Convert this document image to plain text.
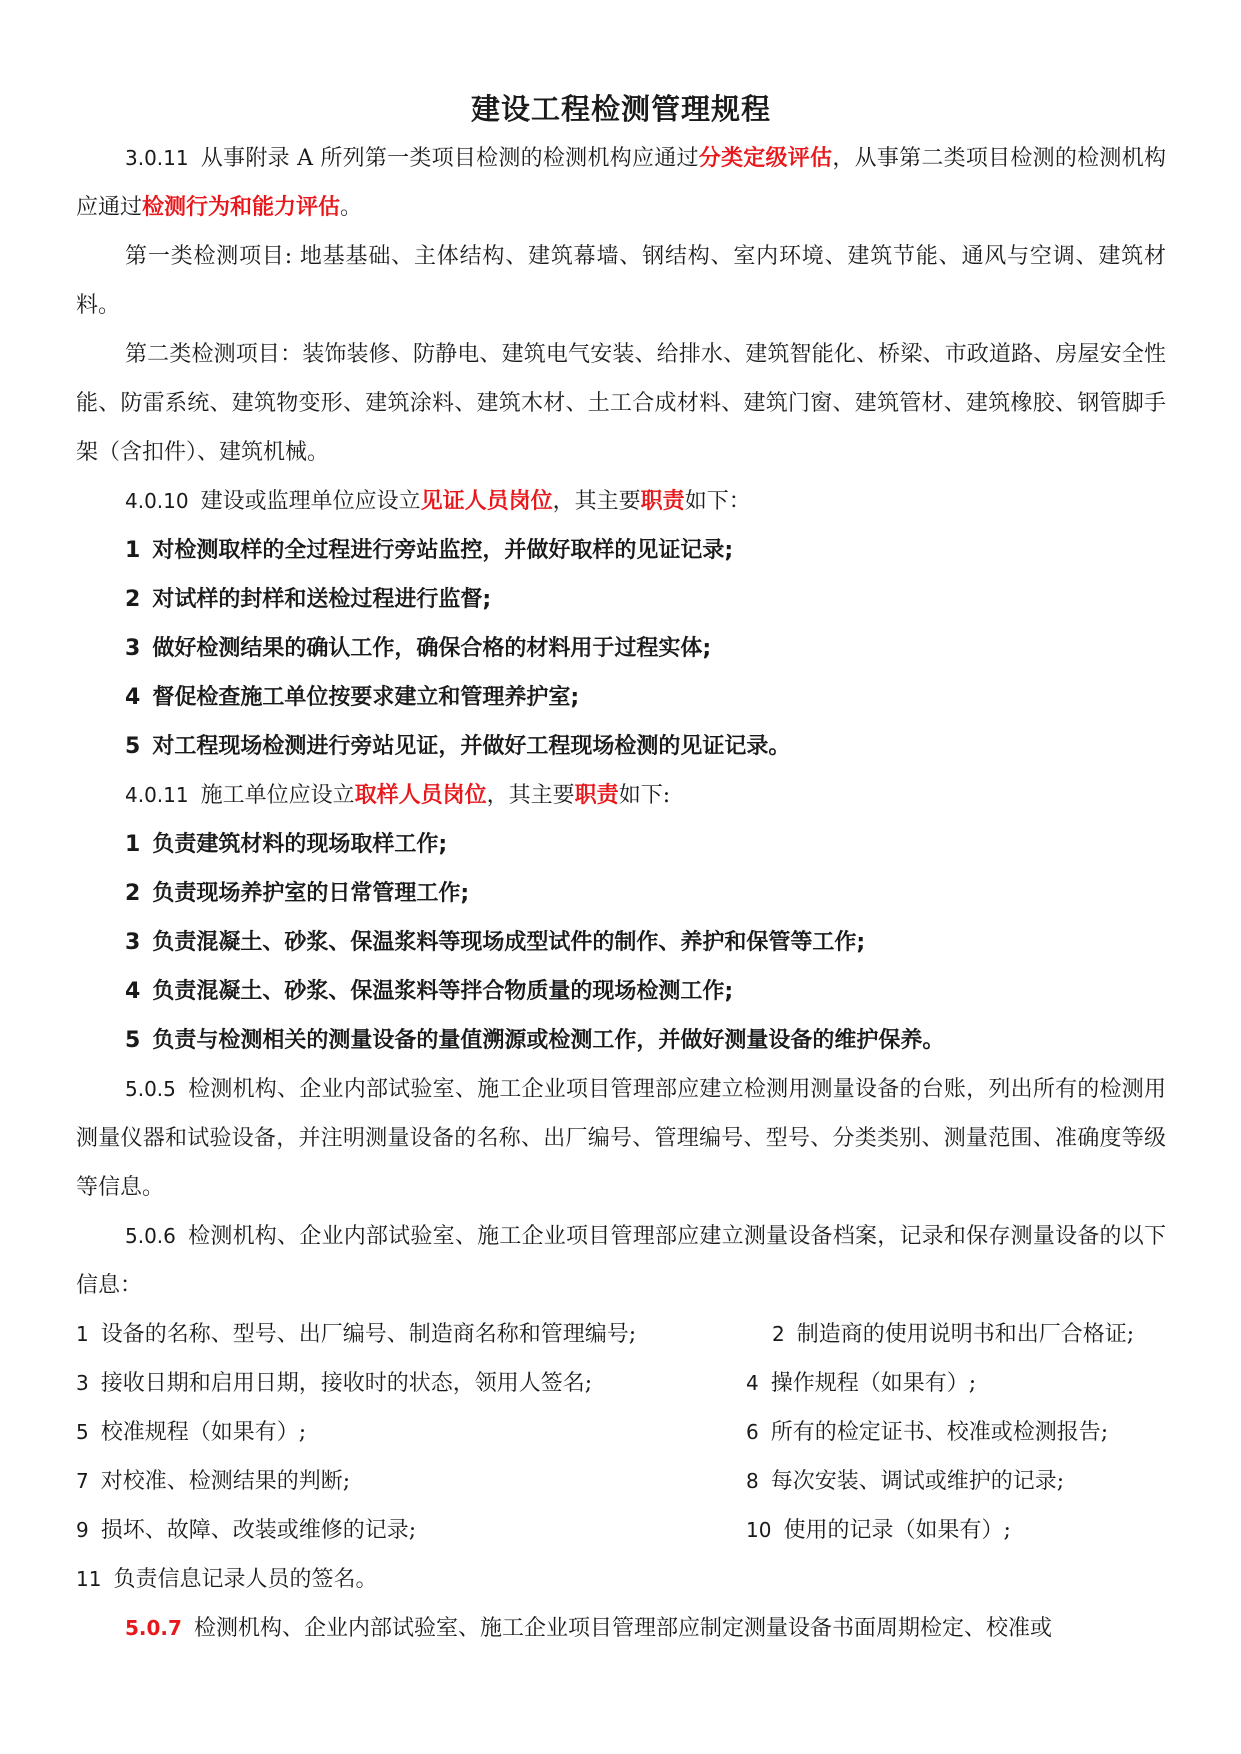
建设工程检测管理规程

3.0.11 从事附录 A 所列第一类项目检测的检测机构应通过分类定级评估，从事第二类项目检测的检测机构应通过检测行为和能力评估。

第一类检测项目: 地基基础、主体结构、建筑幕墙、钢结构、室内环境、建筑节能、通风与空调、建筑材料。

第二类检测项目：装饰装修、防静电、建筑电气安装、给排水、建筑智能化、桥梁、市政道路、房屋安全性能、防雷系统、建筑物变形、建筑涂料、建筑木材、土工合成材料、建筑门窗、建筑管材、建筑橡胶、钢管脚手架（含扣件）、建筑机械。

4.0.10 建设或监理单位应设立见证人员岗位，其主要职责如下：

1 对检测取样的全过程进行旁站监控，并做好取样的见证记录;

2 对试样的封样和送检过程进行监督;

3 做好检测结果的确认工作，确保合格的材料用于过程实体;

4 督促检查施工单位按要求建立和管理养护室;

5 对工程现场检测进行旁站见证，并做好工程现场检测的见证记录。

4.0.11 施工单位应设立取样人员岗位，其主要职责如下:

1 负责建筑材料的现场取样工作;

2 负责现场养护室的日常管理工作;

3 负责混凝土、砂浆、保温浆料等现场成型试件的制作、养护和保管等工作;

4 负责混凝土、砂浆、保温浆料等拌合物质量的现场检测工作;

5 负责与检测相关的测量设备的量值溯源或检测工作，并做好测量设备的维护保养。

5.0.5 检测机构、企业内部试验室、施工企业项目管理部应建立检测用测量设备的台账，列出所有的检测用测量仪器和试验设备，并注明测量设备的名称、出厂编号、管理编号、型号、分类类别、测量范围、准确度等级等信息。

5.0.6 检测机构、企业内部试验室、施工企业项目管理部应建立测量设备档案，记录和保存测量设备的以下信息：

1 设备的名称、型号、出厂编号、制造商名称和管理编号;	2 制造商的使用说明书和出厂合格证;
3 接收日期和启用日期，接收时的状态，领用人签名;	4 操作规程（如果有）;
5 校准规程（如果有）;	6 所有的检定证书、校准或检测报告;
7 对校准、检测结果的判断;	8 每次安装、调试或维护的记录;
9 损坏、故障、改装或维修的记录;	10 使用的记录（如果有）;

11 负责信息记录人员的签名。

5.0.7 检测机构、企业内部试验室、施工企业项目管理部应制定测量设备书面周期检定、校准或
